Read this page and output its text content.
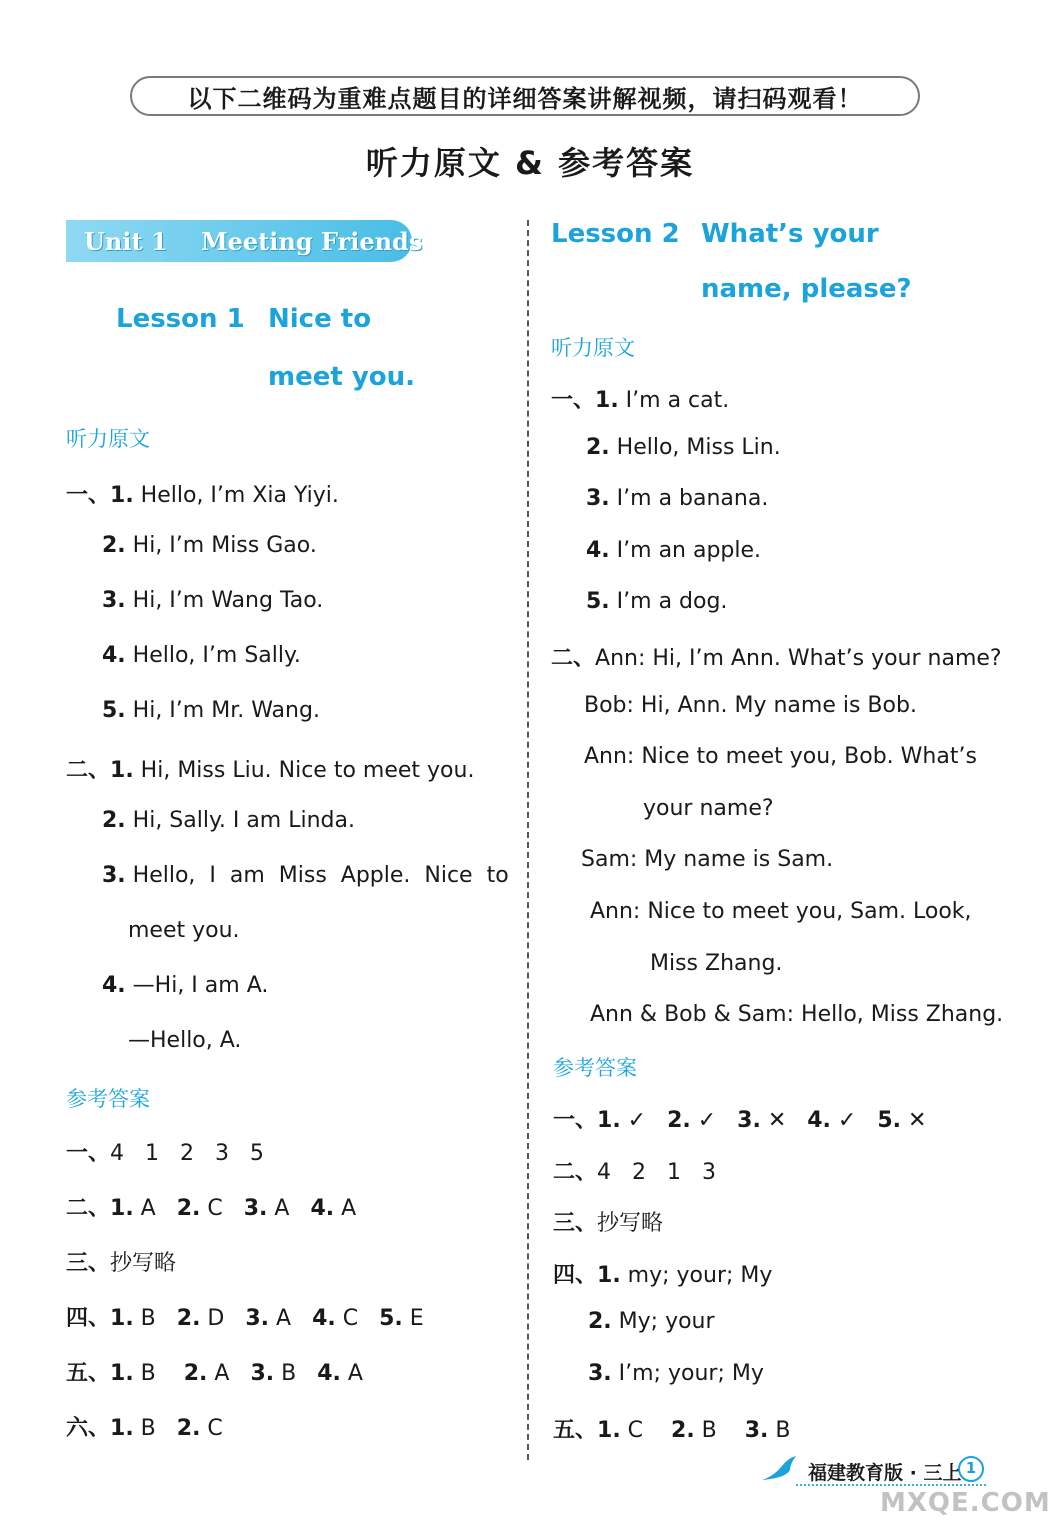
以下二维码为重难点题目的详细答案讲解视频，请扫码观看！
听力原文 & 参考答案
Unit 1
Meeting Friends
Lesson 1 Nice to
meet you.
听力原文
一、1. Hello, I’m Xia Yiyi.
2. Hi, I’m Miss Gao.
3. Hi, I’m Wang Tao.
4. Hello, I’m Sally.
5. Hi, I’m Mr. Wang.
二、1. Hi, Miss Liu. Nice to meet you.
2. Hi, Sally. I am Linda.
3. Hello,  I  am  Miss  Apple.  Nice  to
meet you.
4. —Hi, I am A.
—Hello, A.
参考答案
一、4   1   2   3   5
二、1. A   2. C   3. A   4. A
三、抄写略
四、1. B   2. D   3. A   4. C   5. E
五、1. B    2. A   3. B   4. A
六、1. B   2. C
Lesson 2 What’s your
name, please?
听力原文
一、1. I’m a cat.
2. Hello, Miss Lin.
3. I’m a banana.
4. I’m an apple.
5. I’m a dog.
二、Ann: Hi, I’m Ann. What’s your name?
Bob: Hi, Ann. My name is Bob.
Ann: Nice to meet you, Bob. What’s
your name?
Sam: My name is Sam.
Ann: Nice to meet you, Sam. Look,
Miss Zhang.
Ann & Bob & Sam: Hello, Miss Zhang.
参考答案
一、1. ✓   2. ✓   3. ✕   4. ✓   5. ✕
二、4   2   1   3
三、抄写略
四、1. my; your; My
2. My; your
3. I’m; your; My
五、1. C    2. B    3. B
福建教育版 · 三上 1
MXQE.COM
